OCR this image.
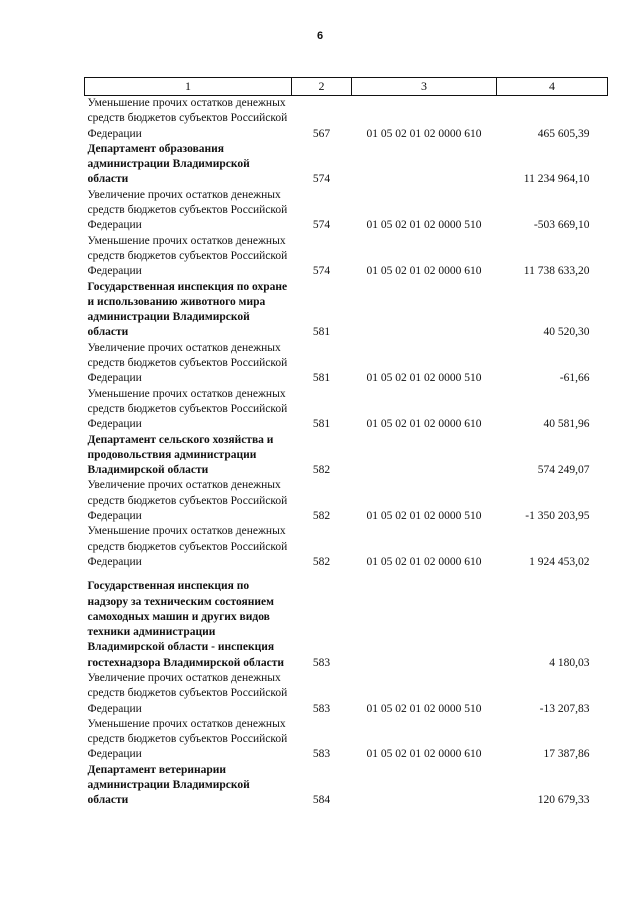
6
1	2	3	4
Уменьшение прочих остатков денежных средств бюджетов субъектов Российской Федерации	567	01 05 02 01 02 0000 610	465 605,39
Департамент образования администрации Владимирской области	574		11 234 964,10
Увеличение прочих остатков денежных средств бюджетов субъектов Российской Федерации	574	01 05 02 01 02 0000 510	-503 669,10
Уменьшение прочих остатков денежных средств бюджетов субъектов Российской Федерации	574	01 05 02 01 02 0000 610	11 738 633,20
Государственная инспекция по охране и использованию животного мира администрации Владимирской области	581		40 520,30
Увеличение прочих остатков денежных средств бюджетов субъектов Российской Федерации	581	01 05 02 01 02 0000 510	-61,66
Уменьшение прочих остатков денежных средств бюджетов субъектов Российской Федерации	581	01 05 02 01 02 0000 610	40 581,96
Департамент сельского хозяйства и продовольствия администрации Владимирской области	582		574 249,07
Увеличение прочих остатков денежных средств бюджетов субъектов Российской Федерации	582	01 05 02 01 02 0000 510	-1 350 203,95
Уменьшение прочих остатков денежных средств бюджетов субъектов Российской Федерации	582	01 05 02 01 02 0000 610	1 924 453,02
Государственная инспекция по надзору за техническим состоянием самоходных машин и других видов техники администрации Владимирской области - инспекция гостехнадзора Владимирской области	583		4 180,03
Увеличение прочих остатков денежных средств бюджетов субъектов Российской Федерации	583	01 05 02 01 02 0000 510	-13 207,83
Уменьшение прочих остатков денежных средств бюджетов субъектов Российской Федерации	583	01 05 02 01 02 0000 610	17 387,86
Департамент ветеринарии администрации Владимирской области	584		120 679,33
